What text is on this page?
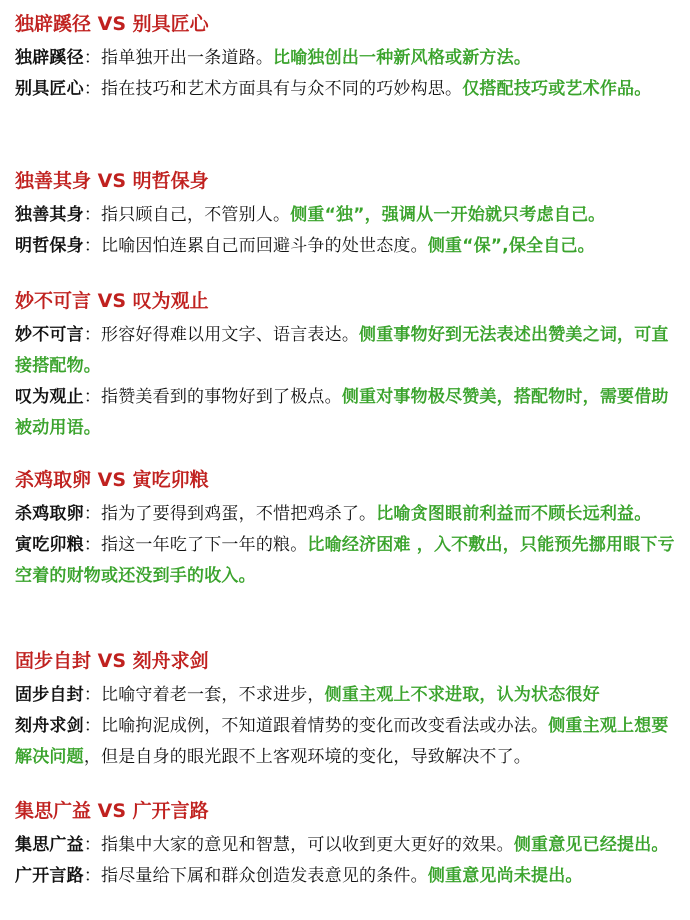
独辟蹊径 VS 别具匠心

独辟蹊径：指单独开出一条道路。比喻独创出一种新风格或新方法。

别具匠心：指在技巧和艺术方面具有与众不同的巧妙构思。仅搭配技巧或艺术作品。

独善其身 VS 明哲保身

独善其身：指只顾自己，不管别人。侧重“独”，强调从一开始就只考虑自己。

明哲保身：比喻因怕连累自己而回避斗争的处世态度。侧重“保”,保全自己。

妙不可言 VS 叹为观止

妙不可言：形容好得难以用文字、语言表达。侧重事物好到无法表述出赞美之词，可直接搭配物。

叹为观止：指赞美看到的事物好到了极点。侧重对事物极尽赞美，搭配物时，需要借助被动用语。

杀鸡取卵 VS 寅吃卯粮

杀鸡取卵：指为了要得到鸡蛋，不惜把鸡杀了。比喻贪图眼前利益而不顾长远利益。

寅吃卯粮：指这一年吃了下一年的粮。比喻经济困难 ，入不敷出，只能预先挪用眼下亏空着的财物或还没到手的收入。

固步自封 VS 刻舟求剑

固步自封：比喻守着老一套，不求进步，侧重主观上不求进取，认为状态很好

刻舟求剑：比喻拘泥成例，不知道跟着情势的变化而改变看法或办法。侧重主观上想要解决问题，但是自身的眼光跟不上客观环境的变化，导致解决不了。

集思广益 VS 广开言路

集思广益：指集中大家的意见和智慧，可以收到更大更好的效果。侧重意见已经提出。

广开言路：指尽量给下属和群众创造发表意见的条件。侧重意见尚未提出。
